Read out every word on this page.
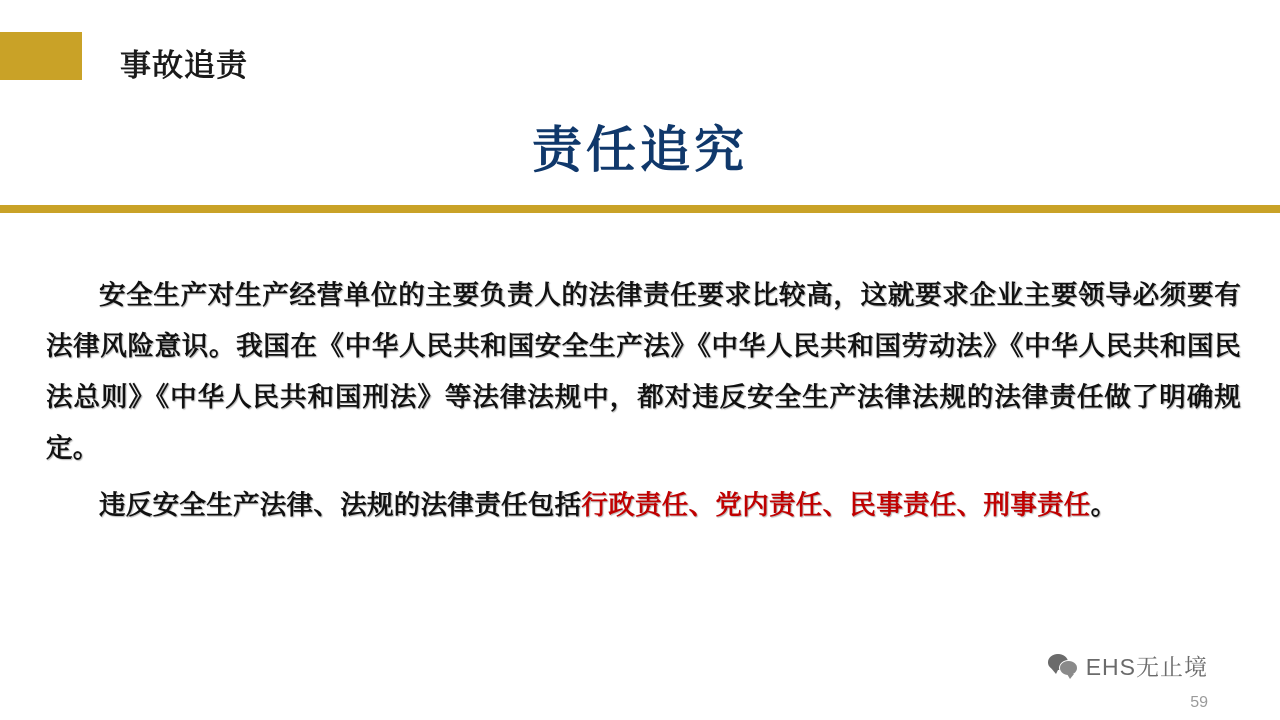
事故追责
责任追究

安全生产对生产经营单位的主要负责人的法律责任要求比较高，这就要求企业主要领导必须要有法律风险意识。我国在《中华人民共和国安全生产法》《中华人民共和国劳动法》《中华人民共和国民法总则》《中华人民共和国刑法》等法律法规中，都对违反安全生产法律法规的法律责任做了明确规定。

违反安全生产法律、法规的法律责任包括行政责任、党内责任、民事责任、刑事责任。

EHS无止境
59
